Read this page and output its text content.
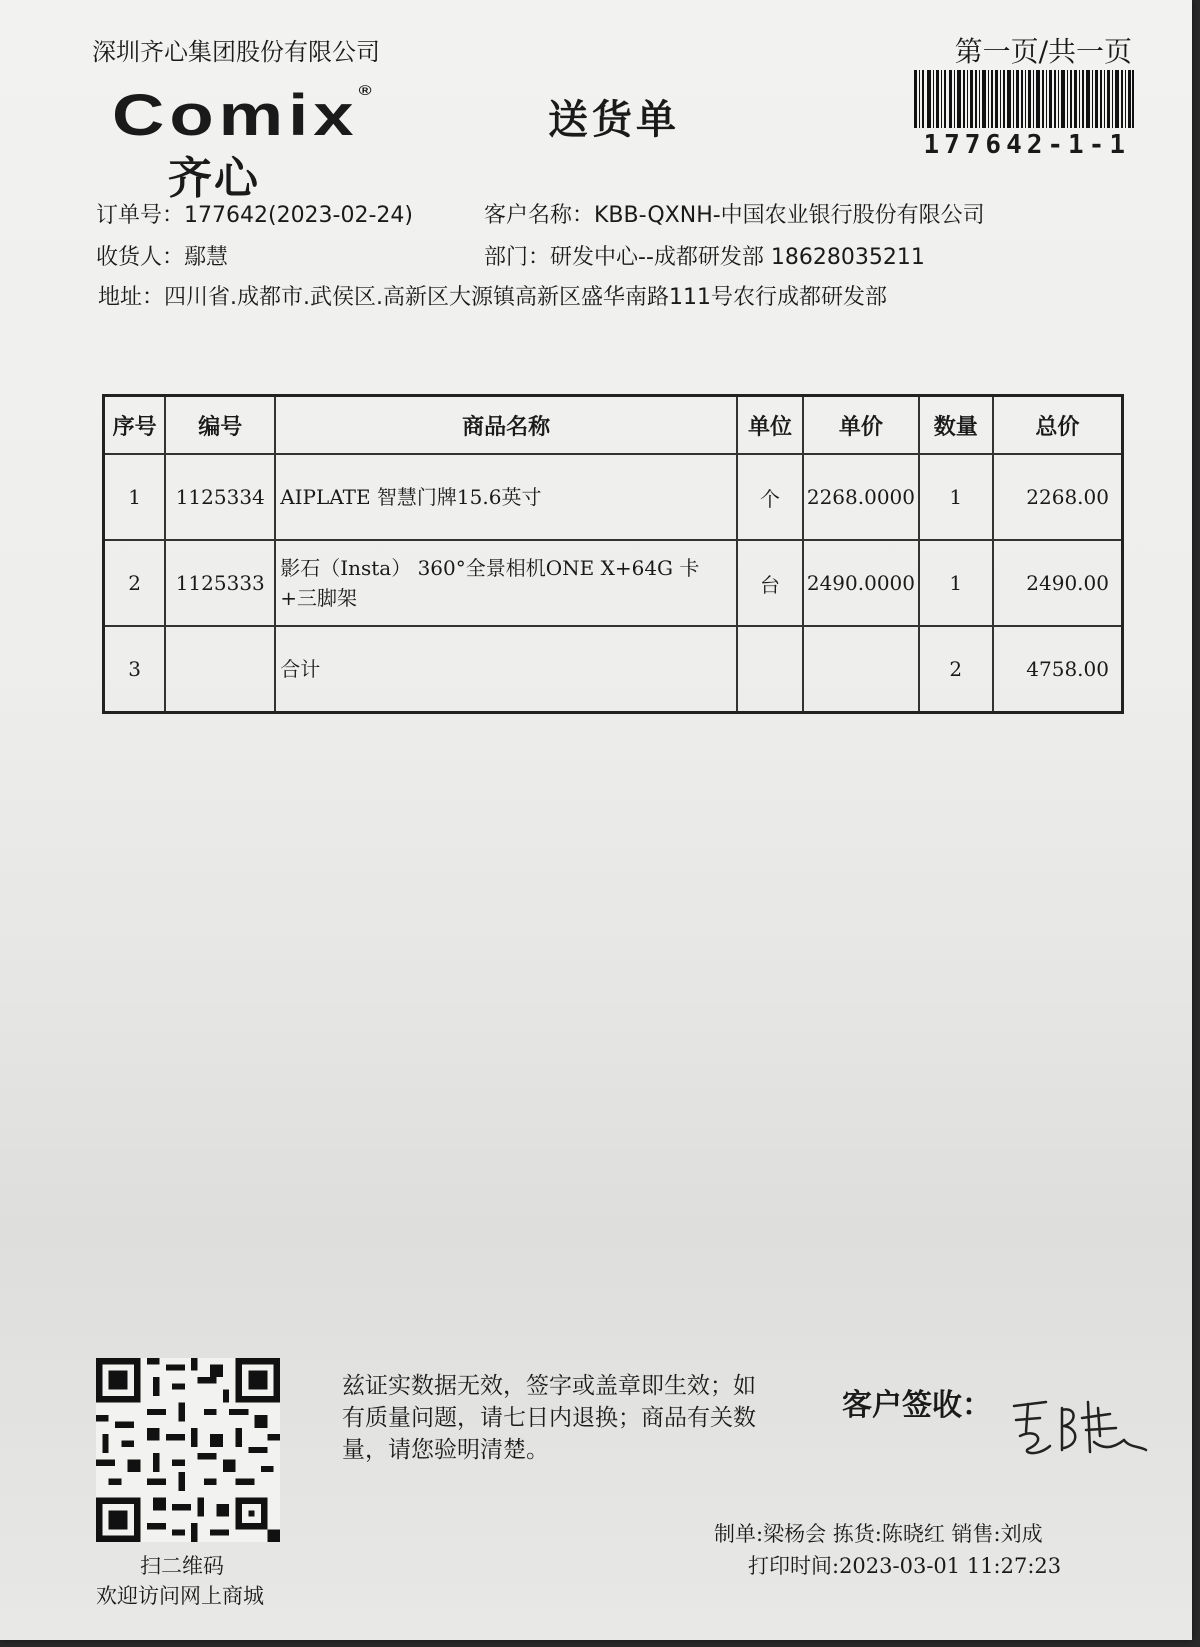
深圳齐心集团股份有限公司	第一页/共一页
177642-1-1
Comix®
齐心
送货单
订单号：177642(2023-02-24)	客户名称：KBB-QXNH-中国农业银行股份有限公司
收货人：鄢慧	部门：研发中心--成都研发部 18628035211
地址：四川省.成都市.武侯区.高新区大源镇高新区盛华南路111号农行成都研发部
序号	编号	商品名称	单位	单价	数量	总价
1	1125334	AIPLATE 智慧门牌15.6英寸	个	2268.0000	1	2268.00
2	1125333	影石（Insta） 360°全景相机ONE X+64G 卡+三脚架	台	2490.0000	1	2490.00
3		合计			2	4758.00
扫二维码
欢迎访问网上商城
兹证实数据无效，签字或盖章即生效；如有质量问题，请七日内退换；商品有关数量，请您验明清楚。
客户签收：
制单:梁杨会 拣货:陈晓红 销售:刘成
打印时间:2023-03-01 11:27:23
